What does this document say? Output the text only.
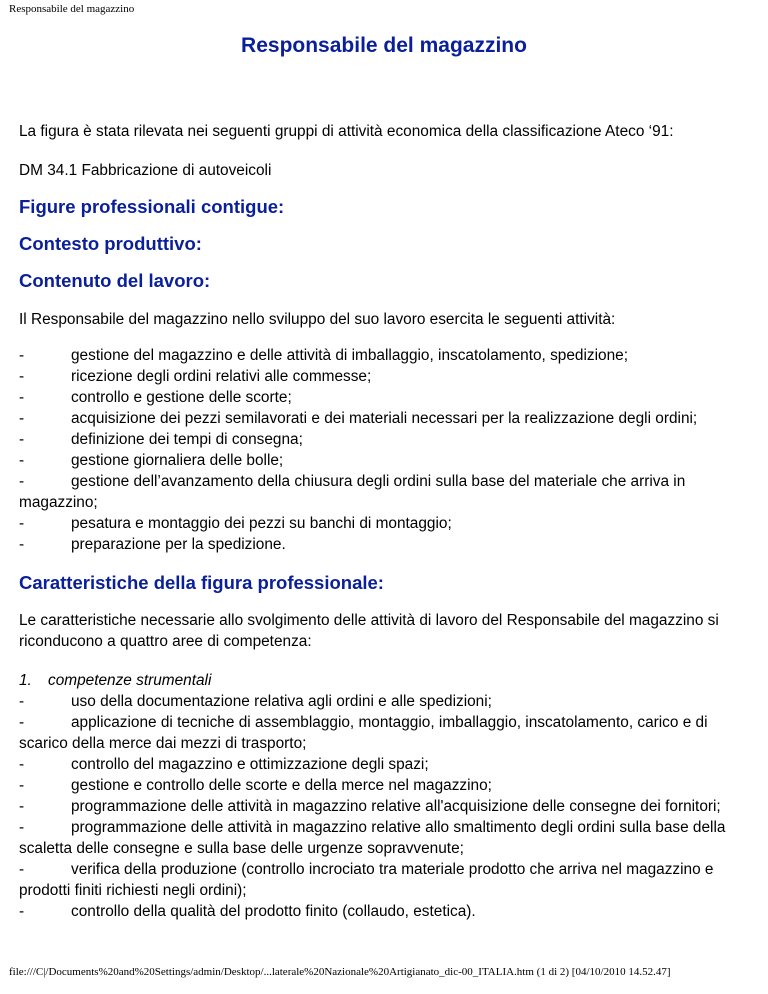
Responsabile del magazzino
Responsabile del magazzino

La figura è stata rilevata nei seguenti gruppi di attività economica della classificazione Ateco ‘91:

DM 34.1 Fabbricazione di autoveicoli

Figure professionali contigue:
Contesto produttivo:
Contenuto del lavoro:

Il Responsabile del magazzino nello sviluppo del suo lavoro esercita le seguenti attività:

-	gestione del magazzino e delle attività di imballaggio, inscatolamento, spedizione;

-	ricezione degli ordini relativi alle commesse;

-	controllo e gestione delle scorte;

-	acquisizione dei pezzi semilavorati e dei materiali necessari per la realizzazione degli ordini;

-	definizione dei tempi di consegna;

-	gestione giornaliera delle bolle;

-	gestione dell’avanzamento della chiusura degli ordini sulla base del materiale che arriva in magazzino;

-	pesatura e montaggio dei pezzi su banchi di montaggio;

-	preparazione per la spedizione.

Caratteristiche della figura professionale:

Le caratteristiche necessarie allo svolgimento delle attività di lavoro del Responsabile del magazzino si riconducono a quattro aree di competenza:

1. competenze strumentali

-	uso della documentazione relativa agli ordini e alle spedizioni;

-	applicazione di tecniche di assemblaggio, montaggio, imballaggio, inscatolamento, carico e di scarico della merce dai mezzi di trasporto;

-	controllo del magazzino e ottimizzazione degli spazi;

-	gestione e controllo delle scorte e della merce nel magazzino;

-	programmazione delle attività in magazzino relative all'acquisizione delle consegne dei fornitori;

-	programmazione delle attività in magazzino relative allo smaltimento degli ordini sulla base della scaletta delle consegne e sulla base delle urgenze sopravvenute;

-	verifica della produzione (controllo incrociato tra materiale prodotto che arriva nel magazzino e prodotti finiti richiesti negli ordini);

-	controllo della qualità del prodotto finito (collaudo, estetica).

file:///C|/Documents%20and%20Settings/admin/Desktop/...laterale%20Nazionale%20Artigianato_dic-00_ITALIA.htm (1 di 2) [04/10/2010 14.52.47]
